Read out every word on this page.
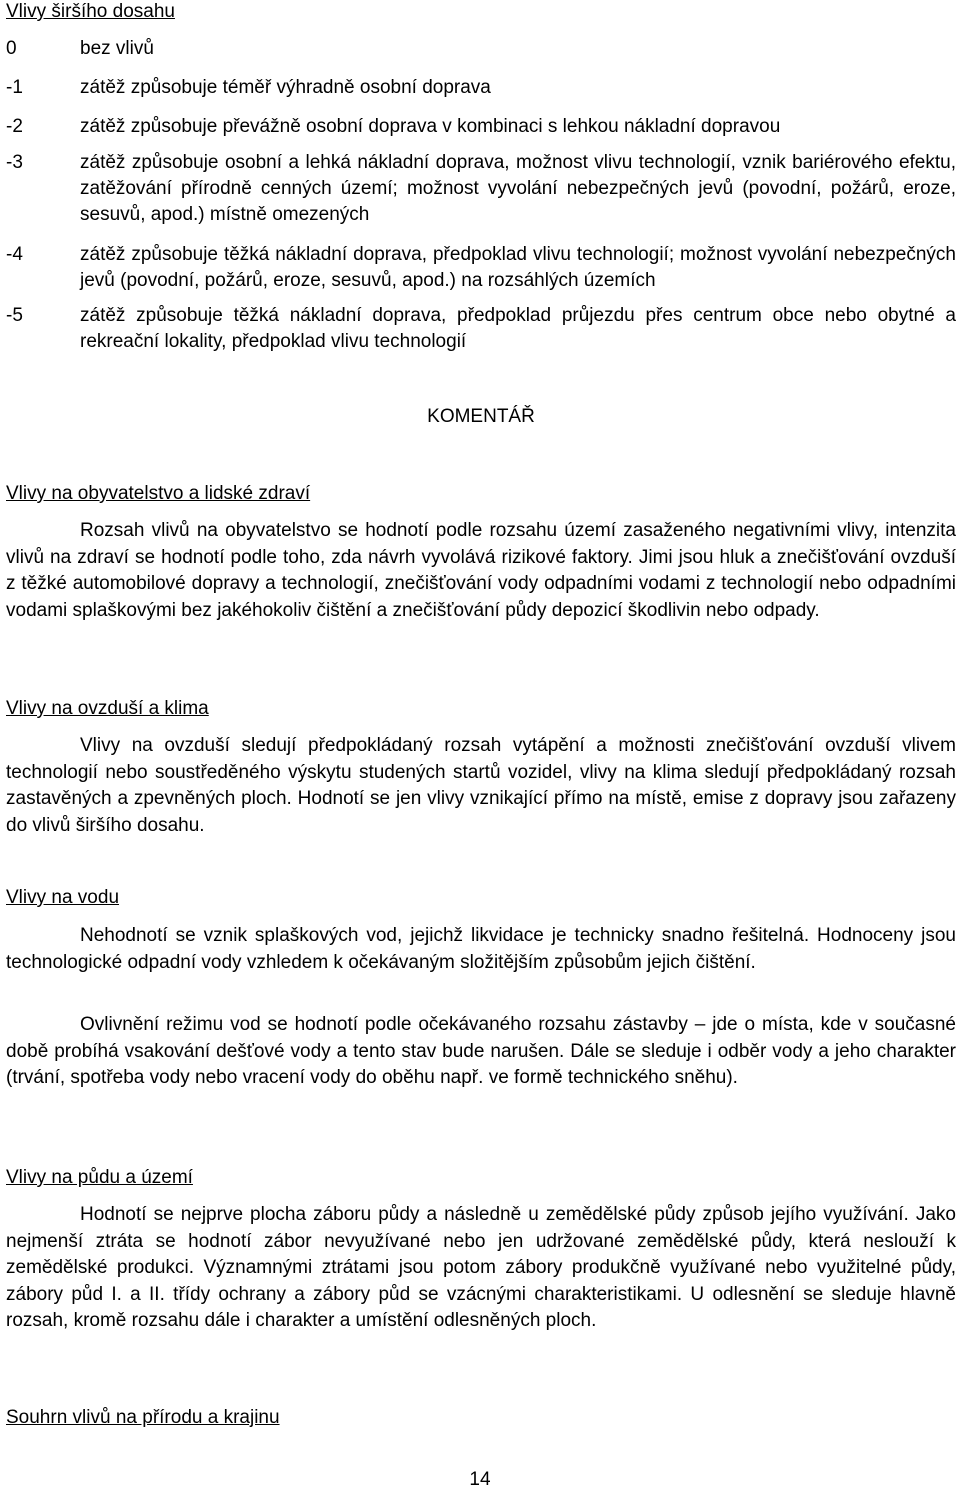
Vlivy širšího dosahu
0	bez vlivů
-1	zátěž způsobuje téměř výhradně osobní doprava
-2	zátěž způsobuje převážně osobní doprava v kombinaci s lehkou nákladní dopravou
-3	zátěž způsobuje osobní a lehká nákladní doprava, možnost vlivu technologií, vznik bariérového efektu, zatěžování přírodně cenných území; možnost vyvolání nebezpečných jevů (povodní, požárů, eroze, sesuvů, apod.) místně omezených
-4	zátěž způsobuje těžká nákladní doprava, předpoklad vlivu technologií; možnost vyvolání nebezpečných jevů (povodní, požárů, eroze, sesuvů, apod.) na rozsáhlých územích
-5	zátěž způsobuje těžká nákladní doprava, předpoklad průjezdu přes centrum obce nebo obytné a rekreační lokality, předpoklad vlivu technologií
KOMENTÁŘ
Vlivy na obyvatelstvo a lidské zdraví
Rozsah vlivů na obyvatelstvo se hodnotí podle rozsahu území zasaženého negativními vlivy, intenzita vlivů na zdraví se hodnotí podle toho, zda návrh vyvolává rizikové faktory. Jimi jsou hluk a znečišťování ovzduší z těžké automobilové dopravy a technologií, znečišťování vody odpadními vodami z technologií nebo odpadními vodami splaškovými bez jakéhokoliv čištění a znečišťování půdy depozicí škodlivin nebo odpady.
Vlivy na ovzduší a klima
Vlivy na ovzduší sledují předpokládaný rozsah vytápění a možnosti znečišťování ovzduší vlivem technologií nebo soustředěného výskytu studených startů vozidel, vlivy na klima sledují předpokládaný rozsah zastavěných a zpevněných ploch. Hodnotí se jen vlivy vznikající přímo na místě, emise z dopravy jsou zařazeny do vlivů širšího dosahu.
Vlivy na vodu
Nehodnotí se vznik splaškových vod, jejichž likvidace je technicky snadno řešitelná. Hodnoceny jsou technologické odpadní vody vzhledem k očekávaným složitějším způsobům jejich čištění.
Ovlivnění režimu vod se hodnotí podle očekávaného rozsahu zástavby – jde o místa, kde v současné době probíhá vsakování dešťové vody a tento stav bude narušen. Dále se sleduje i odběr vody a jeho charakter (trvání, spotřeba vody nebo vracení vody do oběhu např. ve formě technického sněhu).
Vlivy na půdu a území
Hodnotí se nejprve plocha záboru půdy a následně u zemědělské půdy způsob jejího využívání. Jako nejmenší ztráta se hodnotí zábor nevyužívané nebo jen udržované zemědělské půdy, která neslouží k zemědělské produkci. Významnými ztrátami jsou potom zábory produkčně využívané nebo využitelné půdy, zábory půd I. a II. třídy ochrany a zábory půd se vzácnými charakteristikami. U odlesnění se sleduje hlavně rozsah, kromě rozsahu dále i charakter a umístění odlesněných ploch.
Souhrn vlivů na přírodu a krajinu
14
